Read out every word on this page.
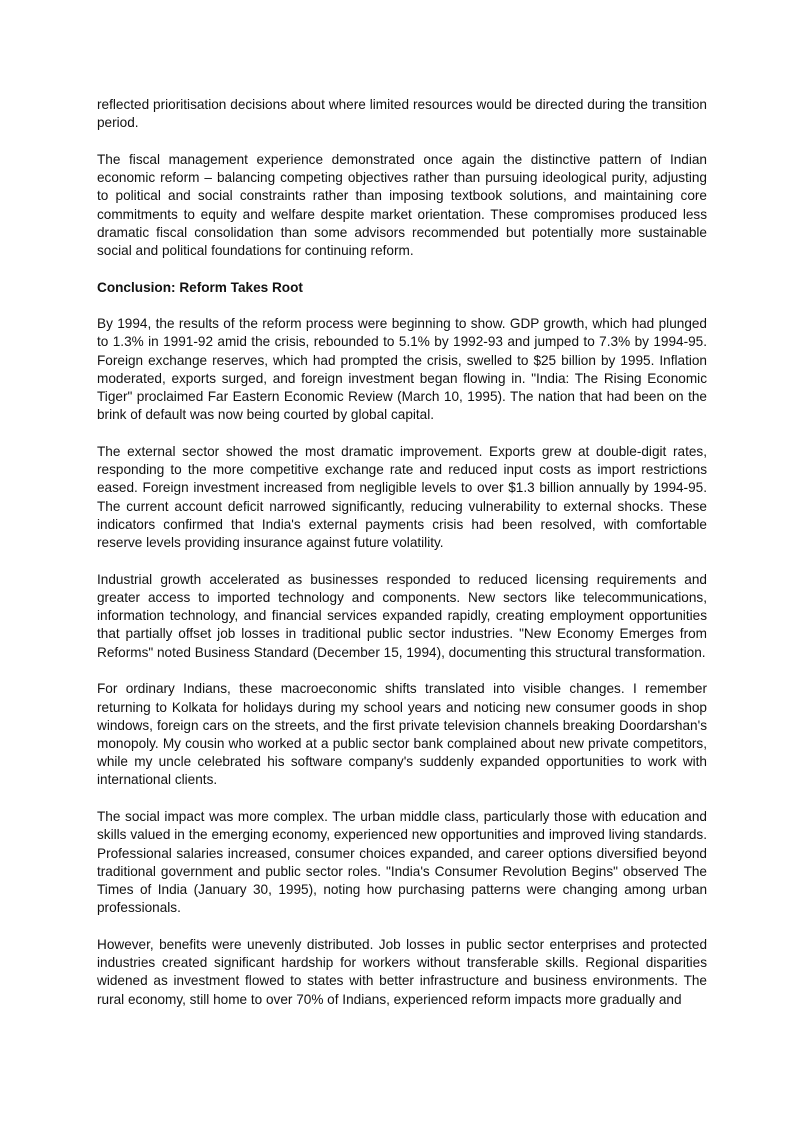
reflected prioritisation decisions about where limited resources would be directed during the transition period.

The fiscal management experience demonstrated once again the distinctive pattern of Indian economic reform – balancing competing objectives rather than pursuing ideological purity, adjusting to political and social constraints rather than imposing textbook solutions, and maintaining core commitments to equity and welfare despite market orientation. These compromises produced less dramatic fiscal consolidation than some advisors recommended but potentially more sustainable social and political foundations for continuing reform.

Conclusion: Reform Takes Root

By 1994, the results of the reform process were beginning to show. GDP growth, which had plunged to 1.3% in 1991-92 amid the crisis, rebounded to 5.1% by 1992-93 and jumped to 7.3% by 1994-95. Foreign exchange reserves, which had prompted the crisis, swelled to $25 billion by 1995. Inflation moderated, exports surged, and foreign investment began flowing in. "India: The Rising Economic Tiger" proclaimed Far Eastern Economic Review (March 10, 1995). The nation that had been on the brink of default was now being courted by global capital.

The external sector showed the most dramatic improvement. Exports grew at double-digit rates, responding to the more competitive exchange rate and reduced input costs as import restrictions eased. Foreign investment increased from negligible levels to over $1.3 billion annually by 1994-95. The current account deficit narrowed significantly, reducing vulnerability to external shocks. These indicators confirmed that India's external payments crisis had been resolved, with comfortable reserve levels providing insurance against future volatility.

Industrial growth accelerated as businesses responded to reduced licensing requirements and greater access to imported technology and components. New sectors like telecommunications, information technology, and financial services expanded rapidly, creating employment opportunities that partially offset job losses in traditional public sector industries. "New Economy Emerges from Reforms" noted Business Standard (December 15, 1994), documenting this structural transformation.

For ordinary Indians, these macroeconomic shifts translated into visible changes. I remember returning to Kolkata for holidays during my school years and noticing new consumer goods in shop windows, foreign cars on the streets, and the first private television channels breaking Doordarshan's monopoly. My cousin who worked at a public sector bank complained about new private competitors, while my uncle celebrated his software company's suddenly expanded opportunities to work with international clients.

The social impact was more complex. The urban middle class, particularly those with education and skills valued in the emerging economy, experienced new opportunities and improved living standards. Professional salaries increased, consumer choices expanded, and career options diversified beyond traditional government and public sector roles. "India's Consumer Revolution Begins" observed The Times of India (January 30, 1995), noting how purchasing patterns were changing among urban professionals.

However, benefits were unevenly distributed. Job losses in public sector enterprises and protected industries created significant hardship for workers without transferable skills. Regional disparities widened as investment flowed to states with better infrastructure and business environments. The rural economy, still home to over 70% of Indians, experienced reform impacts more gradually and
